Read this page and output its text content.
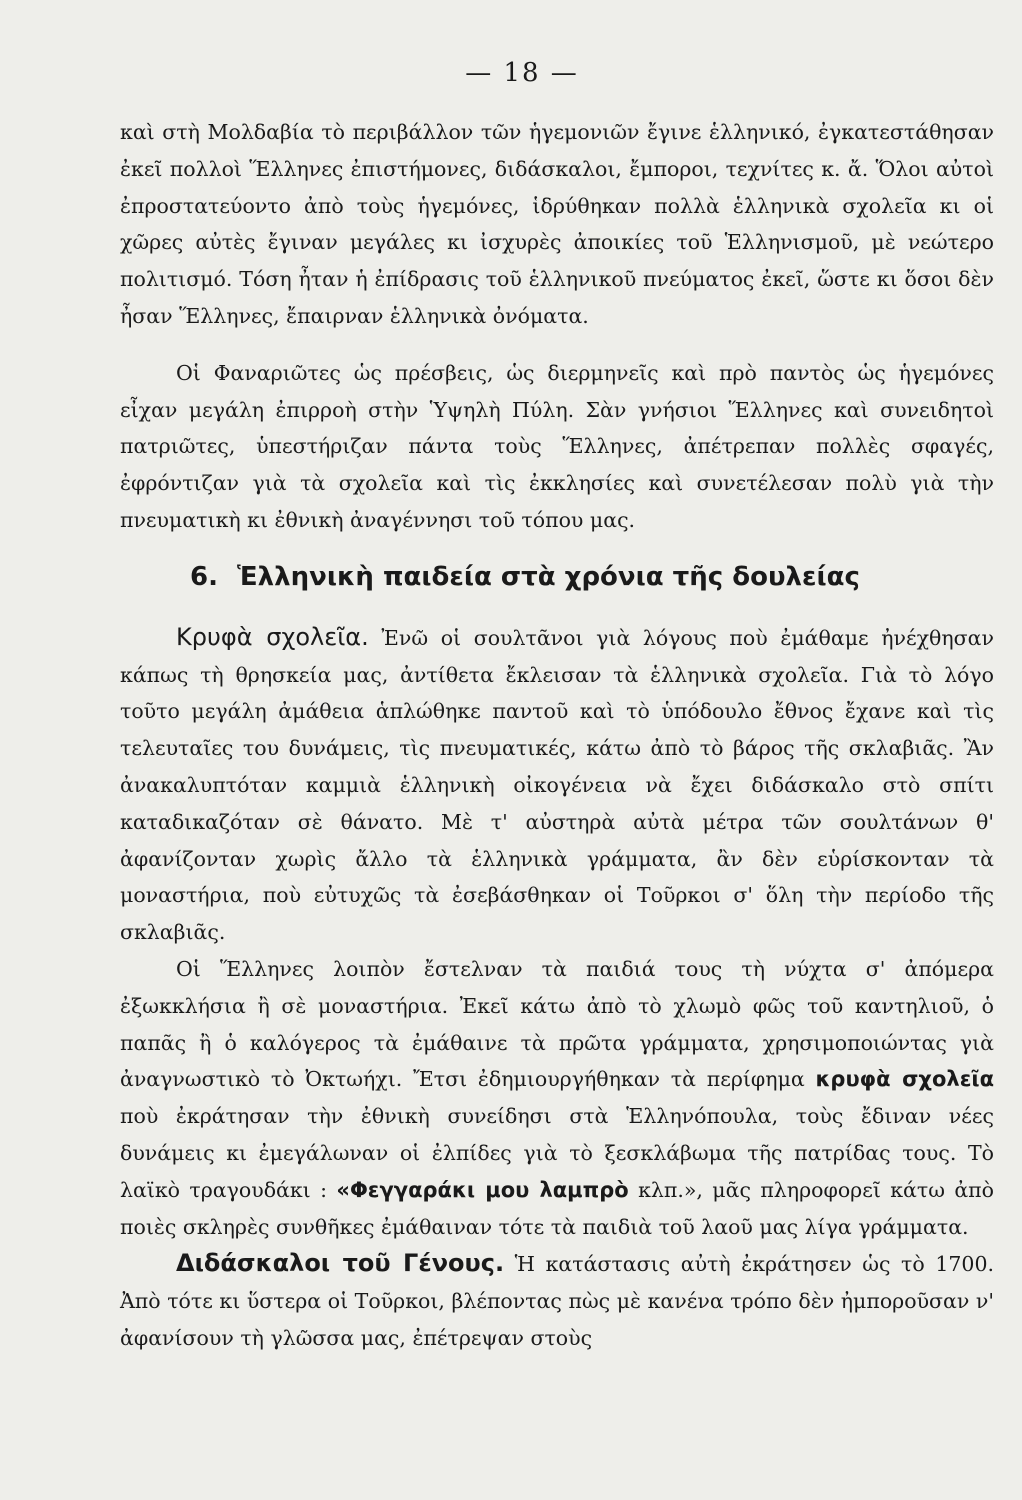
— 18 —

καὶ στὴ Μολδαβία τὸ περιβάλλον τῶν ἡγεμονιῶν ἔγινε ἑλληνικό, ἐγκατεστάθησαν ἐκεῖ πολλοὶ Ἕλληνες ἐπιστήμονες, διδάσκαλοι, ἔμποροι, τεχνίτες κ. ἄ. Ὅλοι αὐτοὶ ἐπροστατεύοντο ἀπὸ τοὺς ἡγεμόνες, ἱδρύθηκαν πολλὰ ἑλληνικὰ σχολεῖα κι οἱ χῶρες αὐτὲς ἔγιναν μεγάλες κι ἰσχυρὲς ἀποικίες τοῦ Ἑλληνισμοῦ, μὲ νεώτερο πολιτισμό. Τόση ἦταν ἡ ἐπίδρασις τοῦ ἑλληνικοῦ πνεύματος ἐκεῖ, ὥστε κι ὅσοι δὲν ἦσαν Ἕλληνες, ἔπαιρναν ἑλληνικὰ ὀνόματα.

Οἱ Φαναριῶτες ὡς πρέσβεις, ὡς διερμηνεῖς καὶ πρὸ παντὸς ὡς ἡγεμόνες εἶχαν μεγάλη ἐπιρροὴ στὴν Ὑψηλὴ Πύλη. Σὰν γνήσιοι Ἕλληνες καὶ συνειδητοὶ πατριῶτες, ὑπεστήριζαν πάντα τοὺς Ἕλληνες, ἀπέτρεπαν πολλὲς σφαγές, ἐφρόντιζαν γιὰ τὰ σχολεῖα καὶ τὶς ἐκκλησίες καὶ συνετέλεσαν πολὺ γιὰ τὴν πνευματικὴ κι ἐθνικὴ ἀναγέννησι τοῦ τόπου μας.

6. Ἑλληνικὴ παιδεία στὰ χρόνια τῆς δουλείας

Κρυφὰ σχολεῖα. Ἐνῶ οἱ σουλτᾶνοι γιὰ λόγους ποὺ ἐμάθαμε ἠνέχθησαν κάπως τὴ θρησκεία μας, ἀντίθετα ἔκλεισαν τὰ ἑλληνικὰ σχολεῖα. Γιὰ τὸ λόγο τοῦτο μεγάλη ἀμάθεια ἁπλώθηκε παντοῦ καὶ τὸ ὑπόδουλο ἔθνος ἔχανε καὶ τὶς τελευταῖες του δυνάμεις, τὶς πνευματικές, κάτω ἀπὸ τὸ βάρος τῆς σκλαβιᾶς. Ἂν ἀνακαλυπτόταν καμμιὰ ἑλληνικὴ οἰκογένεια νὰ ἔχει διδάσκαλο στὸ σπίτι καταδικαζόταν σὲ θάνατο. Μὲ τ' αὐστηρὰ αὐτὰ μέτρα τῶν σουλτάνων θ' ἀφανίζονταν χωρὶς ἄλλο τὰ ἑλληνικὰ γράμματα, ἂν δὲν εὑρίσκονταν τὰ μοναστήρια, ποὺ εὐτυχῶς τὰ ἐσεβάσθηκαν οἱ Τοῦρκοι σ' ὅλη τὴν περίοδο τῆς σκλαβιᾶς.

Οἱ Ἕλληνες λοιπὸν ἔστελναν τὰ παιδιά τους τὴ νύχτα σ' ἀπόμερα ἐξωκκλήσια ἢ σὲ μοναστήρια. Ἐκεῖ κάτω ἀπὸ τὸ χλωμὸ φῶς τοῦ καντηλιοῦ, ὁ παπᾶς ἢ ὁ καλόγερος τὰ ἐμάθαινε τὰ πρῶτα γράμματα, χρησιμοποιώντας γιὰ ἀναγνωστικὸ τὸ Ὀκτωήχι. Ἔτσι ἐδημιουργήθηκαν τὰ περίφημα κρυφὰ σχολεῖα ποὺ ἐκράτησαν τὴν ἐθνικὴ συνείδησι στὰ Ἑλληνόπουλα, τοὺς ἔδιναν νέες δυνάμεις κι ἐμεγάλωναν οἱ ἐλπίδες γιὰ τὸ ξεσκλάβωμα τῆς πατρίδας τους. Τὸ λαϊκὸ τραγουδάκι : «Φεγγαράκι μου λαμπρὸ κλπ.», μᾶς πληροφορεῖ κάτω ἀπὸ ποιὲς σκληρὲς συνθῆκες ἐμάθαιναν τότε τὰ παιδιὰ τοῦ λαοῦ μας λίγα γράμματα.

Διδάσκαλοι τοῦ Γένους. Ἡ κατάστασις αὐτὴ ἐκράτησεν ὡς τὸ 1700. Ἀπὸ τότε κι ὕστερα οἱ Τοῦρκοι, βλέποντας πὼς μὲ κανένα τρόπο δὲν ἠμποροῦσαν ν' ἀφανίσουν τὴ γλῶσσα μας, ἐπέτρεψαν στοὺς
